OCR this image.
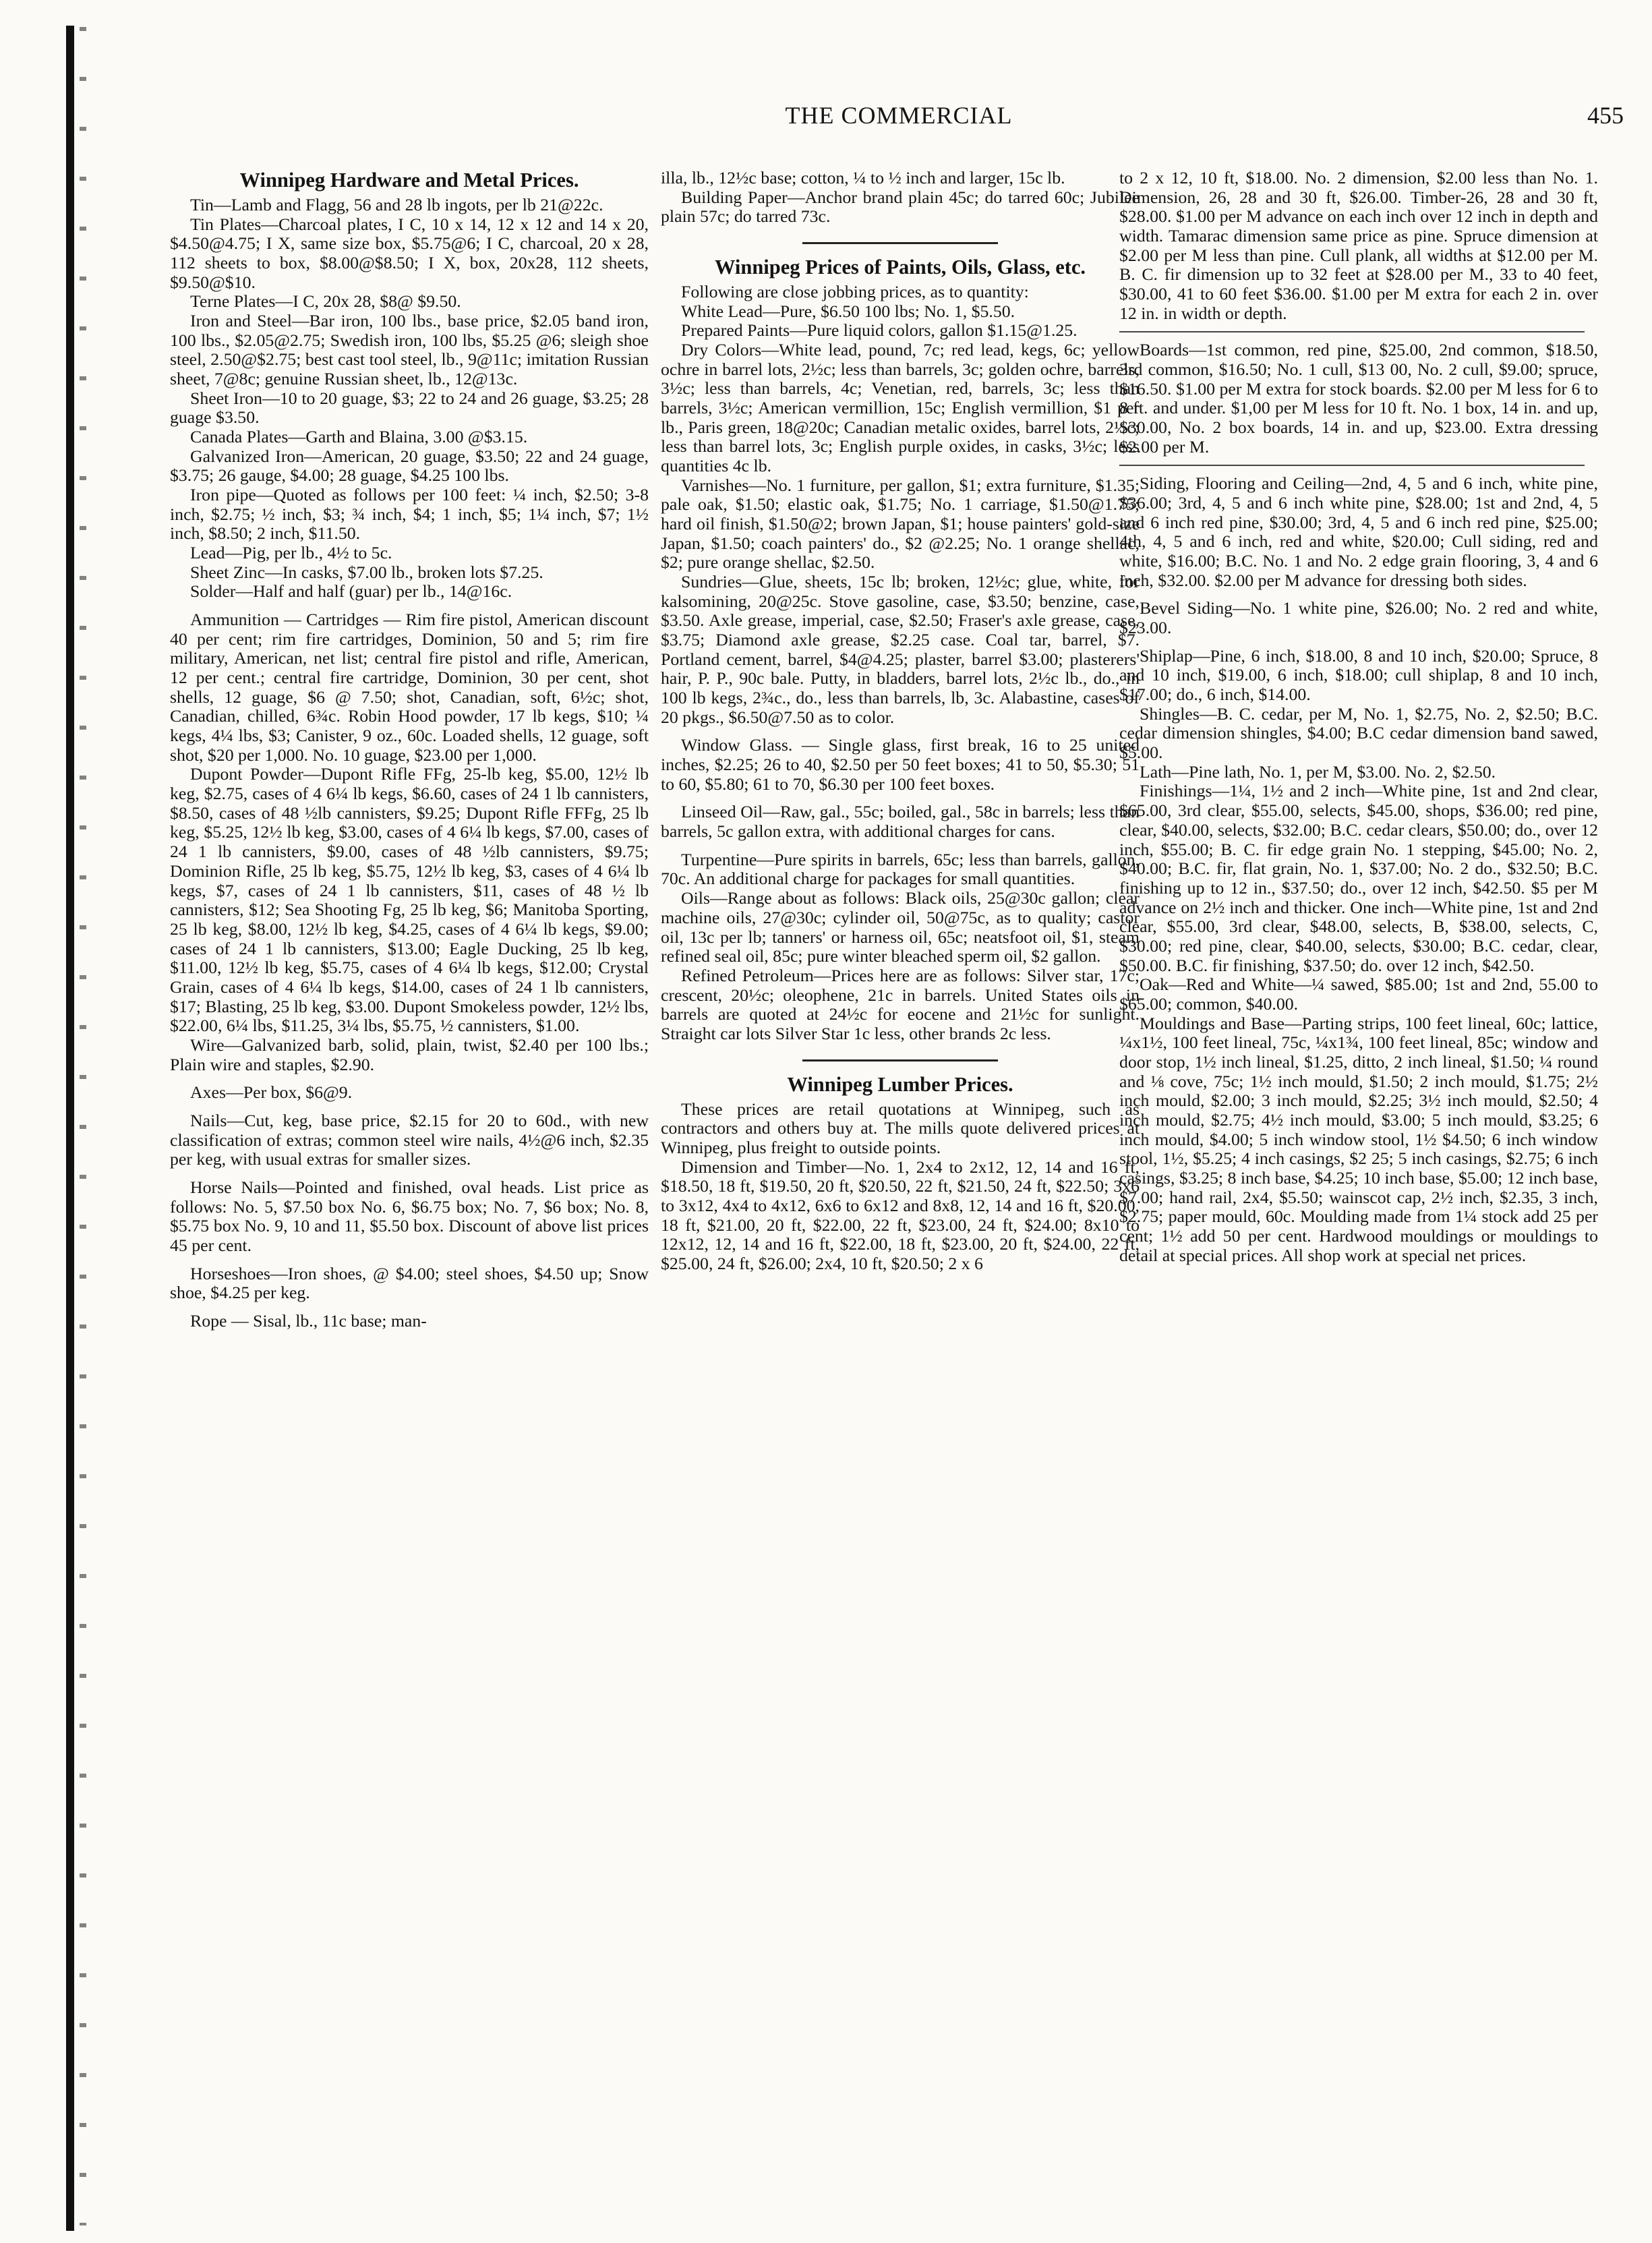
THE COMMERCIAL	455
Winnipeg Hardware and Metal Prices.

Tin—Lamb and Flagg, 56 and 28 lb ingots, per lb 21@22c.

Tin Plates—Charcoal plates, I C, 10 x 14, 12 x 12 and 14 x 20, $4.50@4.75; I X, same size box, $5.75@6; I C, charcoal, 20 x 28, 112 sheets to box, $8.00@$8.50; I X, box, 20x28, 112 sheets, $9.50@$10.

Terne Plates—I C, 20x 28, $8@ $9.50.

Iron and Steel—Bar iron, 100 lbs., base price, $2.05 band iron, 100 lbs., $2.05@2.75; Swedish iron, 100 lbs, $5.25 @6; sleigh shoe steel, 2.50@$2.75; best cast tool steel, lb., 9@11c; imitation Russian sheet, 7@8c; genuine Russian sheet, lb., 12@13c.

Sheet Iron—10 to 20 guage, $3; 22 to 24 and 26 guage, $3.25; 28 guage $3.50.

Canada Plates—Garth and Blaina, 3.00 @$3.15.

Galvanized Iron—American, 20 guage, $3.50; 22 and 24 guage, $3.75; 26 gauge, $4.00; 28 guage, $4.25 100 lbs.

Iron pipe—Quoted as follows per 100 feet: ¼ inch, $2.50; 3-8 inch, $2.75; ½ inch, $3; ¾ inch, $4; 1 inch, $5; 1¼ inch, $7; 1½ inch, $8.50; 2 inch, $11.50.

Lead—Pig, per lb., 4½ to 5c.

Sheet Zinc—In casks, $7.00 lb., broken lots $7.25.

Solder—Half and half (guar) per lb., 14@16c.

Ammunition — Cartridges — Rim fire pistol, American discount 40 per cent; rim fire cartridges, Dominion, 50 and 5; rim fire military, American, net list; central fire pistol and rifle, American, 12 per cent.; central fire cartridge, Dominion, 30 per cent, shot shells, 12 guage, $6 @ 7.50; shot, Canadian, soft, 6½c; shot, Canadian, chilled, 6¾c. Robin Hood powder, 17 lb kegs, $10; ¼ kegs, 4¼ lbs, $3; Canister, 9 oz., 60c. Loaded shells, 12 guage, soft shot, $20 per 1,000. No. 10 guage, $23.00 per 1,000.

Dupont Powder—Dupont Rifle FFg, 25-lb keg, $5.00, 12½ lb keg, $2.75, cases of 4 6¼ lb kegs, $6.60, cases of 24 1 lb cannisters, $8.50, cases of 48 ½lb cannisters, $9.25; Dupont Rifle FFFg, 25 lb keg, $5.25, 12½ lb keg, $3.00, cases of 4 6¼ lb kegs, $7.00, cases of 24 1 lb cannisters, $9.00, cases of 48 ½lb cannisters, $9.75; Dominion Rifle, 25 lb keg, $5.75, 12½ lb keg, $3, cases of 4 6¼ lb kegs, $7, cases of 24 1 lb cannisters, $11, cases of 48 ½ lb cannisters, $12; Sea Shooting Fg, 25 lb keg, $6; Manitoba Sporting, 25 lb keg, $8.00, 12½ lb keg, $4.25, cases of 4 6¼ lb kegs, $9.00; cases of 24 1 lb cannisters, $13.00; Eagle Ducking, 25 lb keg, $11.00, 12½ lb keg, $5.75, cases of 4 6¼ lb kegs, $12.00; Crystal Grain, cases of 4 6¼ lb kegs, $14.00, cases of 24 1 lb cannisters, $17; Blasting, 25 lb keg, $3.00. Dupont Smokeless powder, 12½ lbs, $22.00, 6¼ lbs, $11.25, 3¼ lbs, $5.75, ½ cannisters, $1.00.

Wire—Galvanized barb, solid, plain, twist, $2.40 per 100 lbs.; Plain wire and staples, $2.90.

Axes—Per box, $6@9.

Nails—Cut, keg, base price, $2.15 for 20 to 60d., with new classification of extras; common steel wire nails, 4½@6 inch, $2.35 per keg, with usual extras for smaller sizes.

Horse Nails—Pointed and finished, oval heads. List price as follows: No. 5, $7.50 box No. 6, $6.75 box; No. 7, $6 box; No. 8, $5.75 box No. 9, 10 and 11, $5.50 box. Discount of above list prices 45 per cent.

Horseshoes—Iron shoes, @ $4.00; steel shoes, $4.50 up; Snow shoe, $4.25 per keg.

Rope — Sisal, lb., 11c base; man-

illa, lb., 12½c base; cotton, ¼ to ½ inch and larger, 15c lb.

Building Paper—Anchor brand plain 45c; do tarred 60c; Jubilee plain 57c; do tarred 73c.

Winnipeg Prices of Paints, Oils, Glass, etc.

Following are close jobbing prices, as to quantity:

White Lead—Pure, $6.50 100 lbs; No. 1, $5.50.

Prepared Paints—Pure liquid colors, gallon $1.15@1.25.

Dry Colors—White lead, pound, 7c; red lead, kegs, 6c; yellow ochre in barrel lots, 2½c; less than barrels, 3c; golden ochre, barrels, 3½c; less than barrels, 4c; Venetian, red, barrels, 3c; less than barrels, 3½c; American vermillion, 15c; English vermillion, $1 per lb., Paris green, 18@20c; Canadian metalic oxides, barrel lots, 2½c; less than barrel lots, 3c; English purple oxides, in casks, 3½c; less quantities 4c lb.

Varnishes—No. 1 furniture, per gallon, $1; extra furniture, $1.35; pale oak, $1.50; elastic oak, $1.75; No. 1 carriage, $1.50@1.75; hard oil finish, $1.50@2; brown Japan, $1; house painters' gold-size Japan, $1.50; coach painters' do., $2 @2.25; No. 1 orange shellac, $2; pure orange shellac, $2.50.

Sundries—Glue, sheets, 15c lb; broken, 12½c; glue, white, for kalsomining, 20@25c. Stove gasoline, case, $3.50; benzine, case, $3.50. Axle grease, imperial, case, $2.50; Fraser's axle grease, case, $3.75; Diamond axle grease, $2.25 case. Coal tar, barrel, $7. Portland cement, barrel, $4@4.25; plaster, barrel $3.00; plasterers' hair, P. P., 90c bale. Putty, in bladders, barrel lots, 2½c lb., do., in 100 lb kegs, 2¾c., do., less than barrels, lb, 3c. Alabastine, cases of 20 pkgs., $6.50@7.50 as to color.

Window Glass. — Single glass, first break, 16 to 25 united inches, $2.25; 26 to 40, $2.50 per 50 feet boxes; 41 to 50, $5.30; 51 to 60, $5.80; 61 to 70, $6.30 per 100 feet boxes.

Linseed Oil—Raw, gal., 55c; boiled, gal., 58c in barrels; less than barrels, 5c gallon extra, with additional charges for cans.

Turpentine—Pure spirits in barrels, 65c; less than barrels, gallon, 70c. An additional charge for packages for small quantities.

Oils—Range about as follows: Black oils, 25@30c gallon; clear machine oils, 27@30c; cylinder oil, 50@75c, as to quality; castor oil, 13c per lb; tanners' or harness oil, 65c; neatsfoot oil, $1, steam refined seal oil, 85c; pure winter bleached sperm oil, $2 gallon.

Refined Petroleum—Prices here are as follows: Silver star, 17c; crescent, 20½c; oleophene, 21c in barrels. United States oils in barrels are quoted at 24½c for eocene and 21½c for sunlight. Straight car lots Silver Star 1c less, other brands 2c less.

Winnipeg Lumber Prices.

These prices are retail quotations at Winnipeg, such as contractors and others buy at. The mills quote delivered prices at Winnipeg, plus freight to outside points.

Dimension and Timber—No. 1, 2x4 to 2x12, 12, 14 and 16 ft, $18.50, 18 ft, $19.50, 20 ft, $20.50, 22 ft, $21.50, 24 ft, $22.50; 3x6 to 3x12, 4x4 to 4x12, 6x6 to 6x12 and 8x8, 12, 14 and 16 ft, $20.00, 18 ft, $21.00, 20 ft, $22.00, 22 ft, $23.00, 24 ft, $24.00; 8x10 to 12x12, 12, 14 and 16 ft, $22.00, 18 ft, $23.00, 20 ft, $24.00, 22 ft, $25.00, 24 ft, $26.00; 2x4, 10 ft, $20.50; 2 x 6

to 2 x 12, 10 ft, $18.00. No. 2 dimension, $2.00 less than No. 1. Dimension, 26, 28 and 30 ft, $26.00. Timber-26, 28 and 30 ft, $28.00. $1.00 per M advance on each inch over 12 inch in depth and width. Tamarac dimension same price as pine. Spruce dimension at $2.00 per M less than pine. Cull plank, all widths at $12.00 per M. B. C. fir dimension up to 32 feet at $28.00 per M., 33 to 40 feet, $30.00, 41 to 60 feet $36.00. $1.00 per M extra for each 2 in. over 12 in. in width or depth.

Boards—1st common, red pine, $25.00, 2nd common, $18.50, 3rd common, $16.50; No. 1 cull, $13 00, No. 2 cull, $9.00; spruce, $16.50. $1.00 per M extra for stock boards. $2.00 per M less for 6 to 8 ft. and under. $1,00 per M less for 10 ft. No. 1 box, 14 in. and up, $30.00, No. 2 box boards, 14 in. and up, $23.00. Extra dressing $2.00 per M.

Siding, Flooring and Ceiling—2nd, 4, 5 and 6 inch, white pine, $36.00; 3rd, 4, 5 and 6 inch white pine, $28.00; 1st and 2nd, 4, 5 and 6 inch red pine, $30.00; 3rd, 4, 5 and 6 inch red pine, $25.00; 4th, 4, 5 and 6 inch, red and white, $20.00; Cull siding, red and white, $16.00; B.C. No. 1 and No. 2 edge grain flooring, 3, 4 and 6 inch, $32.00. $2.00 per M advance for dressing both sides.

Bevel Siding—No. 1 white pine, $26.00; No. 2 red and white, $23.00.

Shiplap—Pine, 6 inch, $18.00, 8 and 10 inch, $20.00; Spruce, 8 and 10 inch, $19.00, 6 inch, $18.00; cull shiplap, 8 and 10 inch, $17.00; do., 6 inch, $14.00.

Shingles—B. C. cedar, per M, No. 1, $2.75, No. 2, $2.50; B.C. cedar dimension shingles, $4.00; B.C cedar dimension band sawed, $5.00.

Lath—Pine lath, No. 1, per M, $3.00. No. 2, $2.50.

Finishings—1¼, 1½ and 2 inch—White pine, 1st and 2nd clear, $65.00, 3rd clear, $55.00, selects, $45.00, shops, $36.00; red pine, clear, $40.00, selects, $32.00; B.C. cedar clears, $50.00; do., over 12 inch, $55.00; B. C. fir edge grain No. 1 stepping, $45.00; No. 2, $40.00; B.C. fir, flat grain, No. 1, $37.00; No. 2 do., $32.50; B.C. finishing up to 12 in., $37.50; do., over 12 inch, $42.50. $5 per M advance on 2½ inch and thicker. One inch—White pine, 1st and 2nd clear, $55.00, 3rd clear, $48.00, selects, B, $38.00, selects, C, $30.00; red pine, clear, $40.00, selects, $30.00; B.C. cedar, clear, $50.00. B.C. fir finishing, $37.50; do. over 12 inch, $42.50.

Oak—Red and White—¼ sawed, $85.00; 1st and 2nd, 55.00 to $65.00; common, $40.00.

Mouldings and Base—Parting strips, 100 feet lineal, 60c; lattice, ¼x1½, 100 feet lineal, 75c, ¼x1¾, 100 feet lineal, 85c; window and door stop, 1½ inch lineal, $1.25, ditto, 2 inch lineal, $1.50; ¼ round and ⅛ cove, 75c; 1½ inch mould, $1.50; 2 inch mould, $1.75; 2½ inch mould, $2.00; 3 inch mould, $2.25; 3½ inch mould, $2.50; 4 inch mould, $2.75; 4½ inch mould, $3.00; 5 inch mould, $3.25; 6 inch mould, $4.00; 5 inch window stool, 1½ $4.50; 6 inch window stool, 1½, $5.25; 4 inch casings, $2 25; 5 inch casings, $2.75; 6 inch casings, $3.25; 8 inch base, $4.25; 10 inch base, $5.00; 12 inch base, $7.00; hand rail, 2x4, $5.50; wainscot cap, 2½ inch, $2.35, 3 inch, $2.75; paper mould, 60c. Moulding made from 1¼ stock add 25 per cent; 1½ add 50 per cent. Hardwood mouldings or mouldings to detail at special prices. All shop work at special net prices.
